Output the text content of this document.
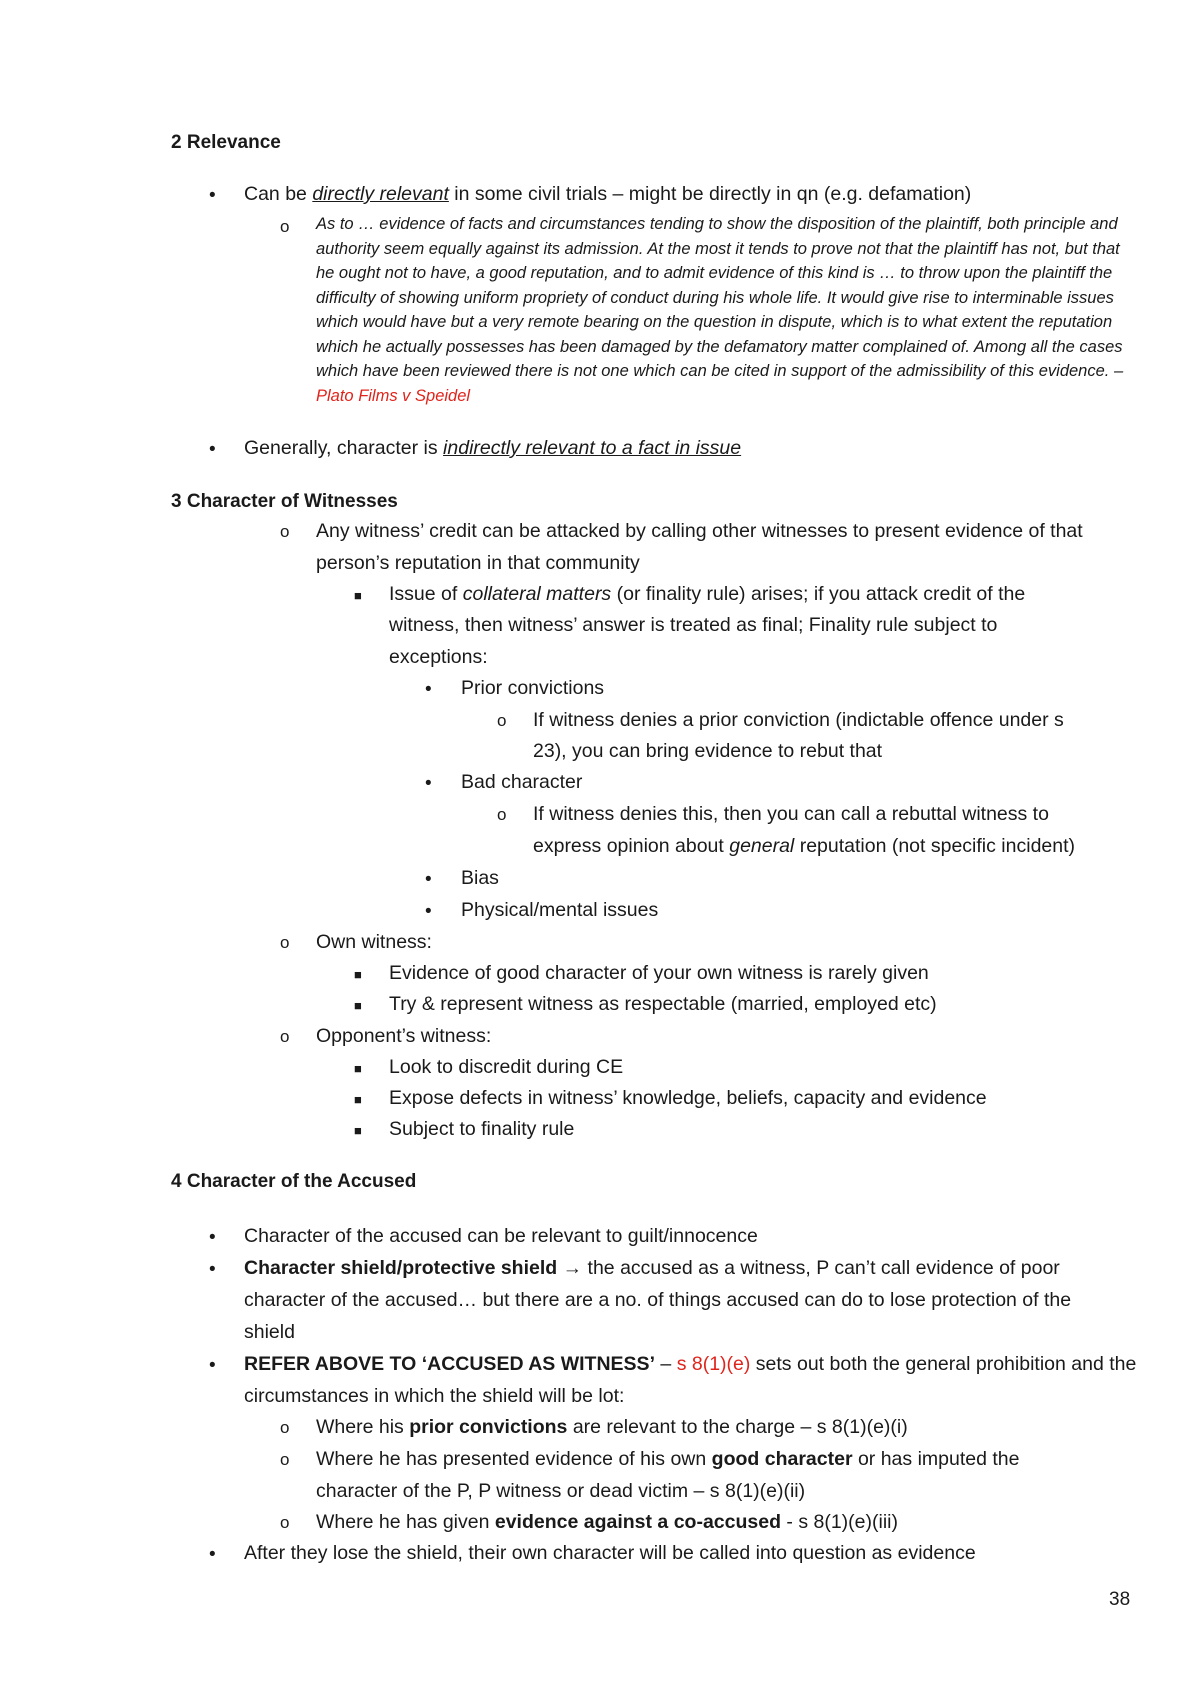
2 Relevance
• Can be directly relevant in some civil trials – might be directly in qn (e.g. defamation)
o As to … evidence of facts and circumstances tending to show the disposition of the plaintiff, both principle and authority seem equally against its admission. At the most it tends to prove not that the plaintiff has not, but that he ought not to have, a good reputation, and to admit evidence of this kind is … to throw upon the plaintiff the difficulty of showing uniform propriety of conduct during his whole life. It would give rise to interminable issues which would have but a very remote bearing on the question in dispute, which is to what extent the reputation which he actually possesses has been damaged by the defamatory matter complained of. Among all the cases which have been reviewed there is not one which can be cited in support of the admissibility of this evidence. – Plato Films v Speidel
• Generally, character is indirectly relevant to a fact in issue
3 Character of Witnesses
o Any witness’ credit can be attacked by calling other witnesses to present evidence of that
person’s reputation in that community
■ Issue of collateral matters (or finality rule) arises; if you attack credit of the
witness, then witness’ answer is treated as final; Finality rule subject to
exceptions:
• Prior convictions
o If witness denies a prior conviction (indictable offence under s
23), you can bring evidence to rebut that
• Bad character
o If witness denies this, then you can call a rebuttal witness to
express opinion about general reputation (not specific incident)
• Bias
• Physical/mental issues
o Own witness:
■ Evidence of good character of your own witness is rarely given
■ Try & represent witness as respectable (married, employed etc)
o Opponent’s witness:
■ Look to discredit during CE
■ Expose defects in witness’ knowledge, beliefs, capacity and evidence
■ Subject to finality rule
4 Character of the Accused
• Character of the accused can be relevant to guilt/innocence
• Character shield/protective shield → the accused as a witness, P can’t call evidence of poor
character of the accused… but there are a no. of things accused can do to lose protection of the
shield
• REFER ABOVE TO ‘ACCUSED AS WITNESS’ – s 8(1)(e) sets out both the general prohibition and the
circumstances in which the shield will be lot:
o Where his prior convictions are relevant to the charge – s 8(1)(e)(i)
o Where he has presented evidence of his own good character or has imputed the
character of the P, P witness or dead victim – s 8(1)(e)(ii)
o Where he has given evidence against a co-accused - s 8(1)(e)(iii)
• After they lose the shield, their own character will be called into question as evidence
38
